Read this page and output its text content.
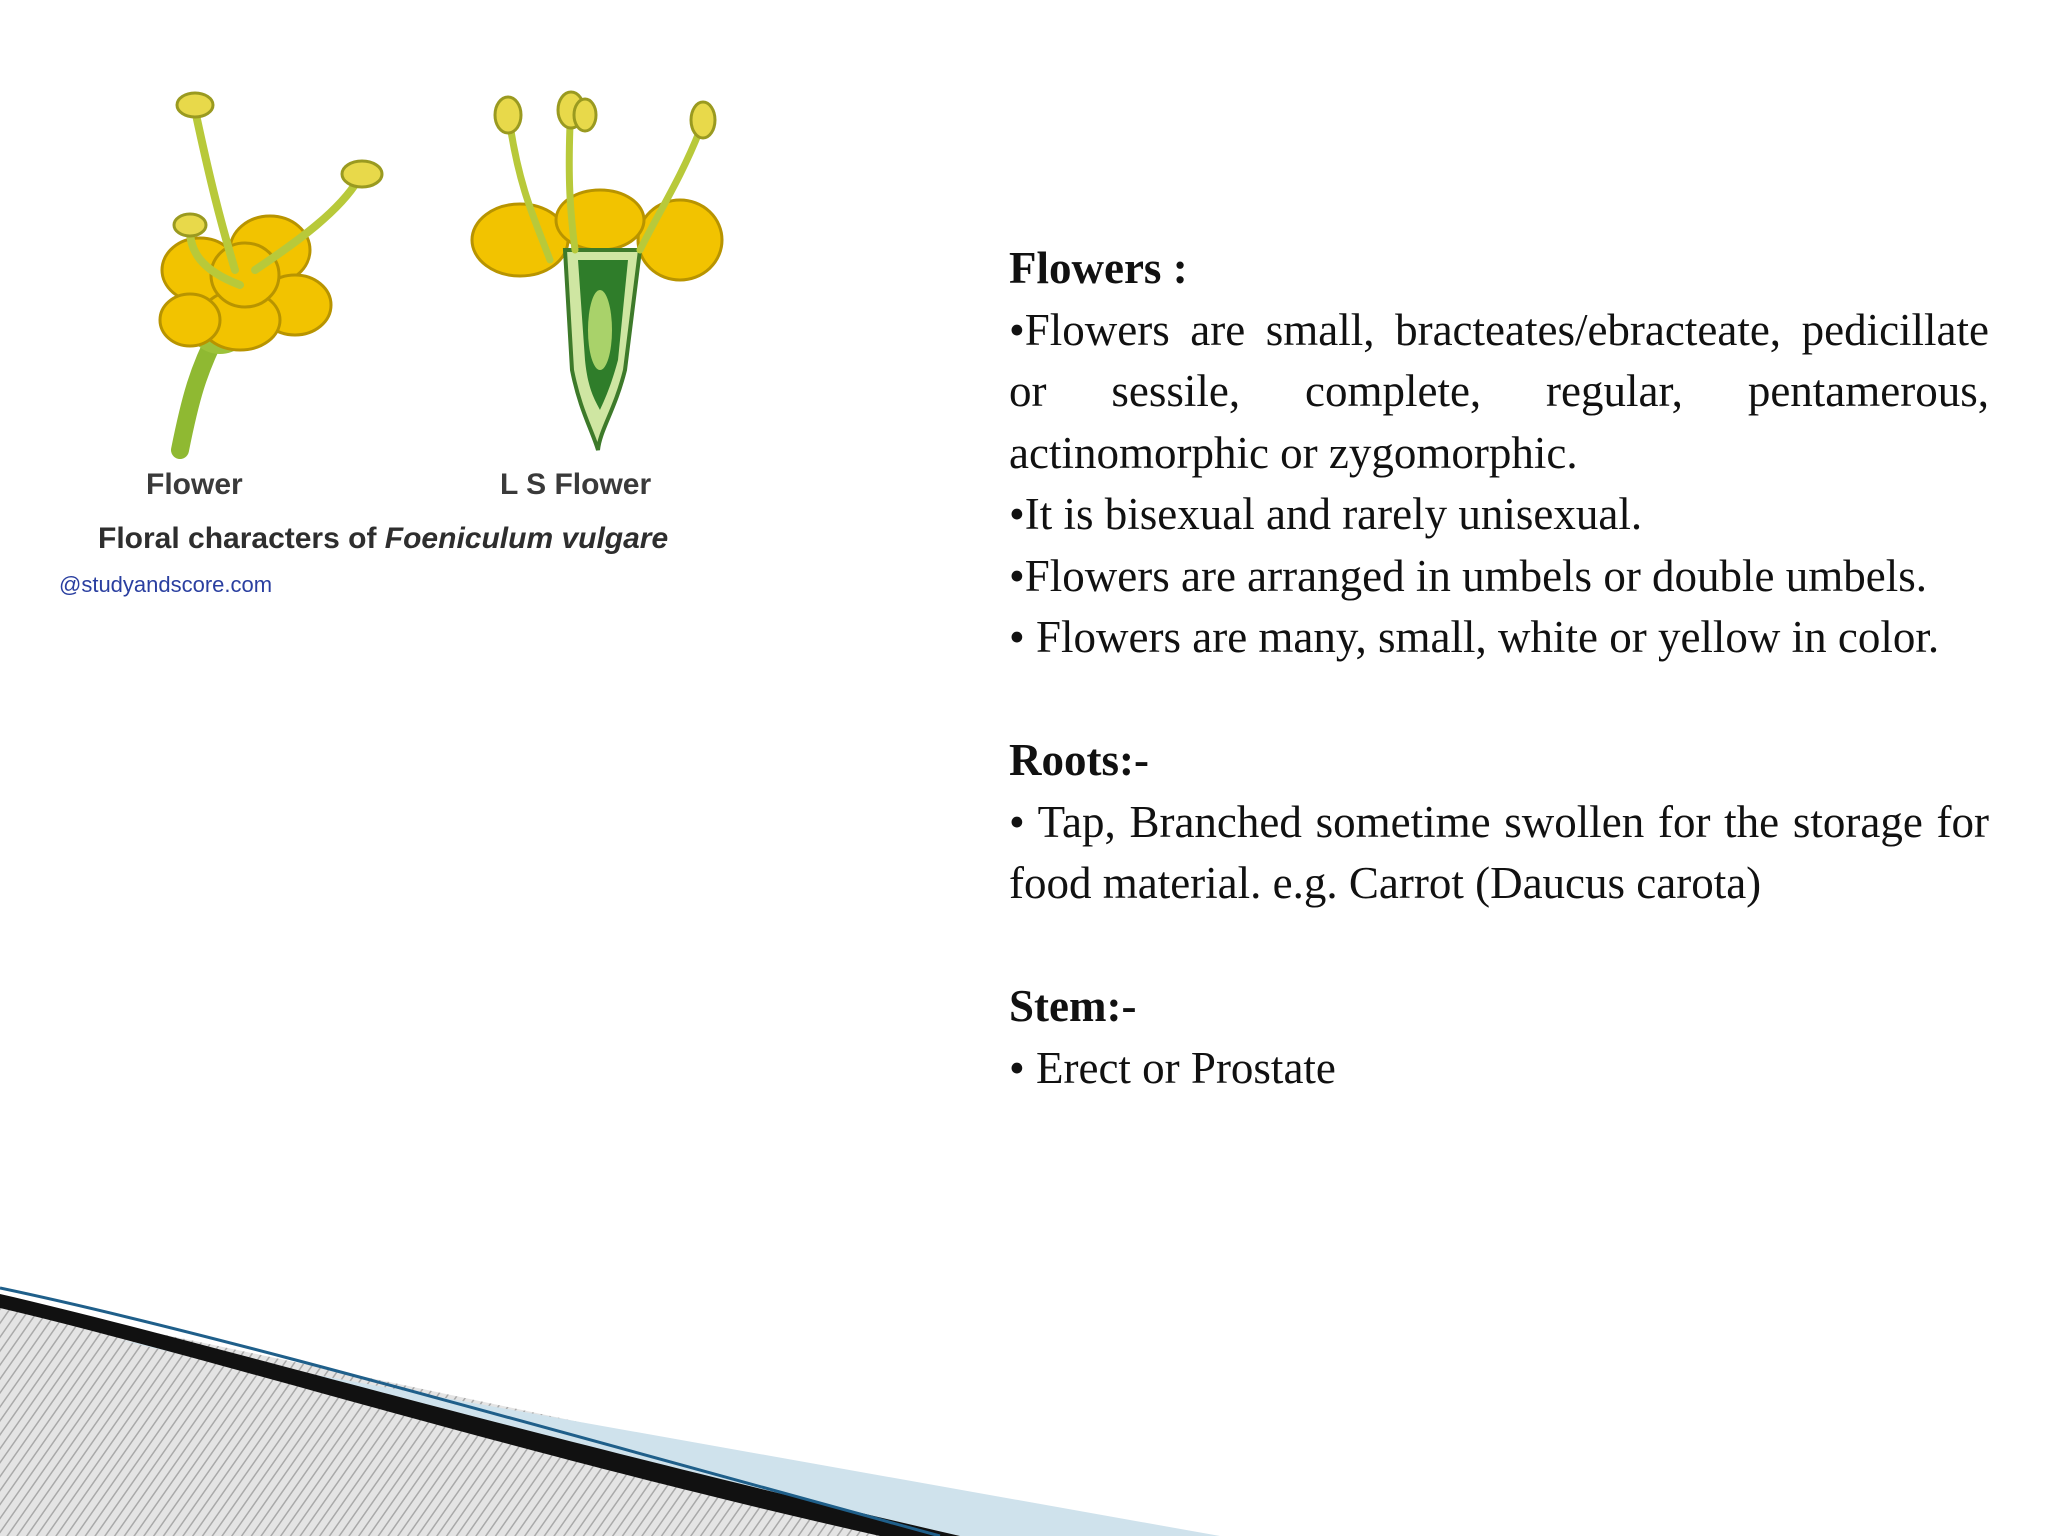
Flower	L S Flower
Floral characters of Foeniculum vulgare
@studyandscore.com
Flowers :
•Flowers are small, bracteates/ebracteate, pedicillate or sessile, complete, regular, pentamerous, actinomorphic or zygomorphic.
•It is bisexual and rarely unisexual.
•Flowers are arranged in umbels or double umbels.
• Flowers are many, small, white or yellow in color.
Roots:-
• Tap, Branched sometime swollen for the storage for food material. e.g. Carrot (Daucus carota)
Stem:-
• Erect or Prostate
